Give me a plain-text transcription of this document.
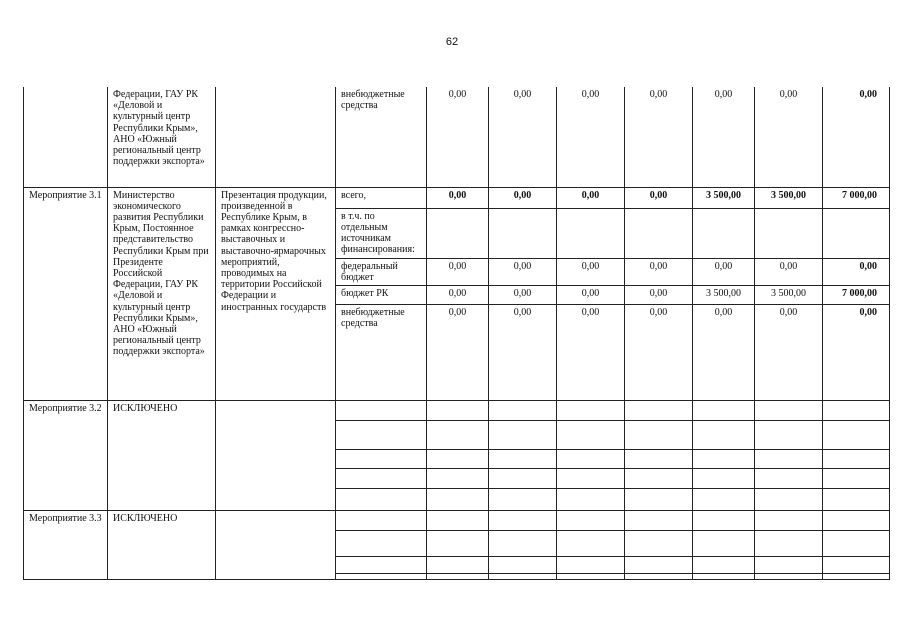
62
	Федерации, ГАУ РК «Деловой и культурный центр Республики Крым», АНО «Южный региональный центр поддержки экспорта»		внебюджетные средства	0,00	0,00	0,00	0,00	0,00	0,00	0,00
Мероприятие 3.1	Министерство экономического развития Республики Крым, Постоянное представительство Республики Крым при Президенте Российской Федерации, ГАУ РК «Деловой и культурный центр Республики Крым», АНО «Южный региональный центр поддержки экспорта»	Презентация продукции, произведенной в Республике Крым, в рамках конгрессно-выставочных и выставочно-ярмарочных мероприятий, проводимых на территории Российской Федерации и иностранных государств	всего,	0,00	0,00	0,00	0,00	3 500,00	3 500,00	7 000,00
			в т.ч. по отдельным источникам финансирования:							
			федеральный бюджет	0,00	0,00	0,00	0,00	0,00	0,00	0,00
			бюджет РК	0,00	0,00	0,00	0,00	3 500,00	3 500,00	7 000,00
			внебюджетные средства	0,00	0,00	0,00	0,00	0,00	0,00	0,00
Мероприятие 3.2	ИСКЛЮЧЕНО									

Мероприятие 3.3	ИСКЛЮЧЕНО									
